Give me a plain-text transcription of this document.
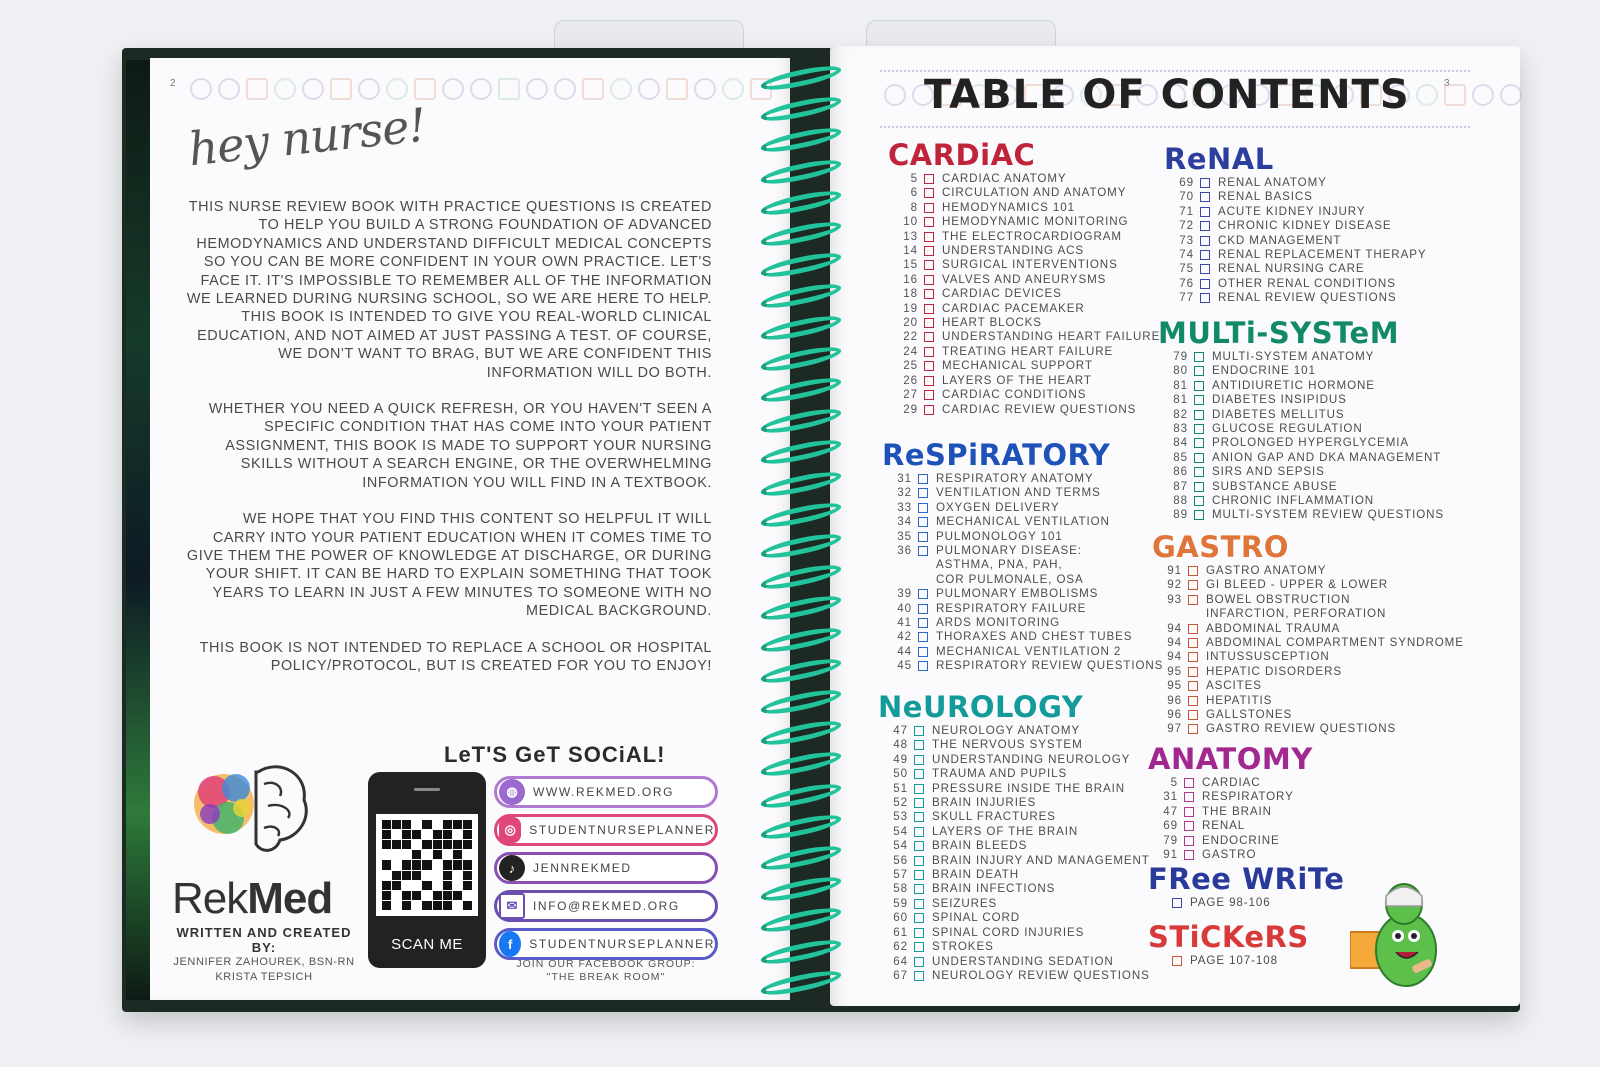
2
hey nurse!

THIS NURSE REVIEW BOOK WITH PRACTICE QUESTIONS IS CREATED TO HELP YOU BUILD A STRONG FOUNDATION OF ADVANCED HEMODYNAMICS AND UNDERSTAND DIFFICULT MEDICAL CONCEPTS SO YOU CAN BE MORE CONFIDENT IN YOUR OWN PRACTICE. LET'S FACE IT. IT'S IMPOSSIBLE TO REMEMBER ALL OF THE INFORMATION WE LEARNED DURING NURSING SCHOOL, SO WE ARE HERE TO HELP. THIS BOOK IS INTENDED TO GIVE YOU REAL-WORLD CLINICAL EDUCATION, AND NOT AIMED AT JUST PASSING A TEST. OF COURSE, WE DON'T WANT TO BRAG, BUT WE ARE CONFIDENT THIS INFORMATION WILL DO BOTH.

WHETHER YOU NEED A QUICK REFRESH, OR YOU HAVEN'T SEEN A SPECIFIC CONDITION THAT HAS COME INTO YOUR PATIENT ASSIGNMENT, THIS BOOK IS MADE TO SUPPORT YOUR NURSING SKILLS WITHOUT A SEARCH ENGINE, OR THE OVERWHELMING INFORMATION YOU WILL FIND IN A TEXTBOOK.

WE HOPE THAT YOU FIND THIS CONTENT SO HELPFUL IT WILL CARRY INTO YOUR PATIENT EDUCATION WHEN IT COMES TIME TO GIVE THEM THE POWER OF KNOWLEDGE AT DISCHARGE, OR DURING YOUR SHIFT. IT CAN BE HARD TO EXPLAIN SOMETHING THAT TOOK YEARS TO LEARN IN JUST A FEW MINUTES TO SOMEONE WITH NO MEDICAL BACKGROUND.

THIS BOOK IS NOT INTENDED TO REPLACE A SCHOOL OR HOSPITAL POLICY/PROTOCOL, BUT IS CREATED FOR YOU TO ENJOY!

RekMed
WRITTEN AND CREATED BY:
JENNIFER ZAHOUREK, BSN-RN
KRISTA TEPSICH
LeT'S GeT SOCiAL!
SCAN ME
◍	WWW.REKMED.ORG
◎	STUDENTNURSEPLANNER
♪	JENNREKMED
✉	INFO@REKMED.ORG
f	STUDENTNURSEPLANNER
JOIN OUR FACEBOOK GROUP:
"THE BREAK ROOM"
3
TABLE OF CONTENTS
CARDiAC
5 CARDIAC ANATOMY
6 CIRCULATION AND ANATOMY
8 HEMODYNAMICS 101
10 HEMODYNAMIC MONITORING
13 THE ELECTROCARDIOGRAM
14 UNDERSTANDING ACS
15 SURGICAL INTERVENTIONS
16 VALVES AND ANEURYSMS
18 CARDIAC DEVICES
19 CARDIAC PACEMAKER
20 HEART BLOCKS
22 UNDERSTANDING HEART FAILURE
24 TREATING HEART FAILURE
25 MECHANICAL SUPPORT
26 LAYERS OF THE HEART
27 CARDIAC CONDITIONS
29 CARDIAC REVIEW QUESTIONS
ReSPiRATORY
31 RESPIRATORY ANATOMY
32 VENTILATION AND TERMS
33 OXYGEN DELIVERY
34 MECHANICAL VENTILATION
35 PULMONOLOGY 101
36 PULMONARY DISEASE:
ASTHMA, PNA, PAH,
COR PULMONALE, OSA
39 PULMONARY EMBOLISMS
40 RESPIRATORY FAILURE
41 ARDS MONITORING
42 THORAXES AND CHEST TUBES
44 MECHANICAL VENTILATION 2
45 RESPIRATORY REVIEW QUESTIONS
NeUROLOGY
47 NEUROLOGY ANATOMY
48 THE NERVOUS SYSTEM
49 UNDERSTANDING NEUROLOGY
50 TRAUMA AND PUPILS
51 PRESSURE INSIDE THE BRAIN
52 BRAIN INJURIES
53 SKULL FRACTURES
54 LAYERS OF THE BRAIN
54 BRAIN BLEEDS
56 BRAIN INJURY AND MANAGEMENT
57 BRAIN DEATH
58 BRAIN INFECTIONS
59 SEIZURES
60 SPINAL CORD
61 SPINAL CORD INJURIES
62 STROKES
64 UNDERSTANDING SEDATION
67 NEUROLOGY REVIEW QUESTIONS
ReNAL
69 RENAL ANATOMY
70 RENAL BASICS
71 ACUTE KIDNEY INJURY
72 CHRONIC KIDNEY DISEASE
73 CKD MANAGEMENT
74 RENAL REPLACEMENT THERAPY
75 RENAL NURSING CARE
76 OTHER RENAL CONDITIONS
77 RENAL REVIEW QUESTIONS
MULTi-SYSTeM
79 MULTI-SYSTEM ANATOMY
80 ENDOCRINE 101
81 ANTIDIURETIC HORMONE
81 DIABETES INSIPIDUS
82 DIABETES MELLITUS
83 GLUCOSE REGULATION
84 PROLONGED HYPERGLYCEMIA
85 ANION GAP AND DKA MANAGEMENT
86 SIRS AND SEPSIS
87 SUBSTANCE ABUSE
88 CHRONIC INFLAMMATION
89 MULTI-SYSTEM REVIEW QUESTIONS
GASTRO
91 GASTRO ANATOMY
92 GI BLEED - UPPER & LOWER
93 BOWEL OBSTRUCTION
INFARCTION, PERFORATION
94 ABDOMINAL TRAUMA
94 ABDOMINAL COMPARTMENT SYNDROME
94 INTUSSUSCEPTION
95 HEPATIC DISORDERS
95 ASCITES
96 HEPATITIS
96 GALLSTONES
97 GASTRO REVIEW QUESTIONS
ANATOMY
5 CARDIAC
31 RESPIRATORY
47 THE BRAIN
69 RENAL
79 ENDOCRINE
91 GASTRO
FRee WRiTe
PAGE 98-106
STiCKeRS
PAGE 107-108
